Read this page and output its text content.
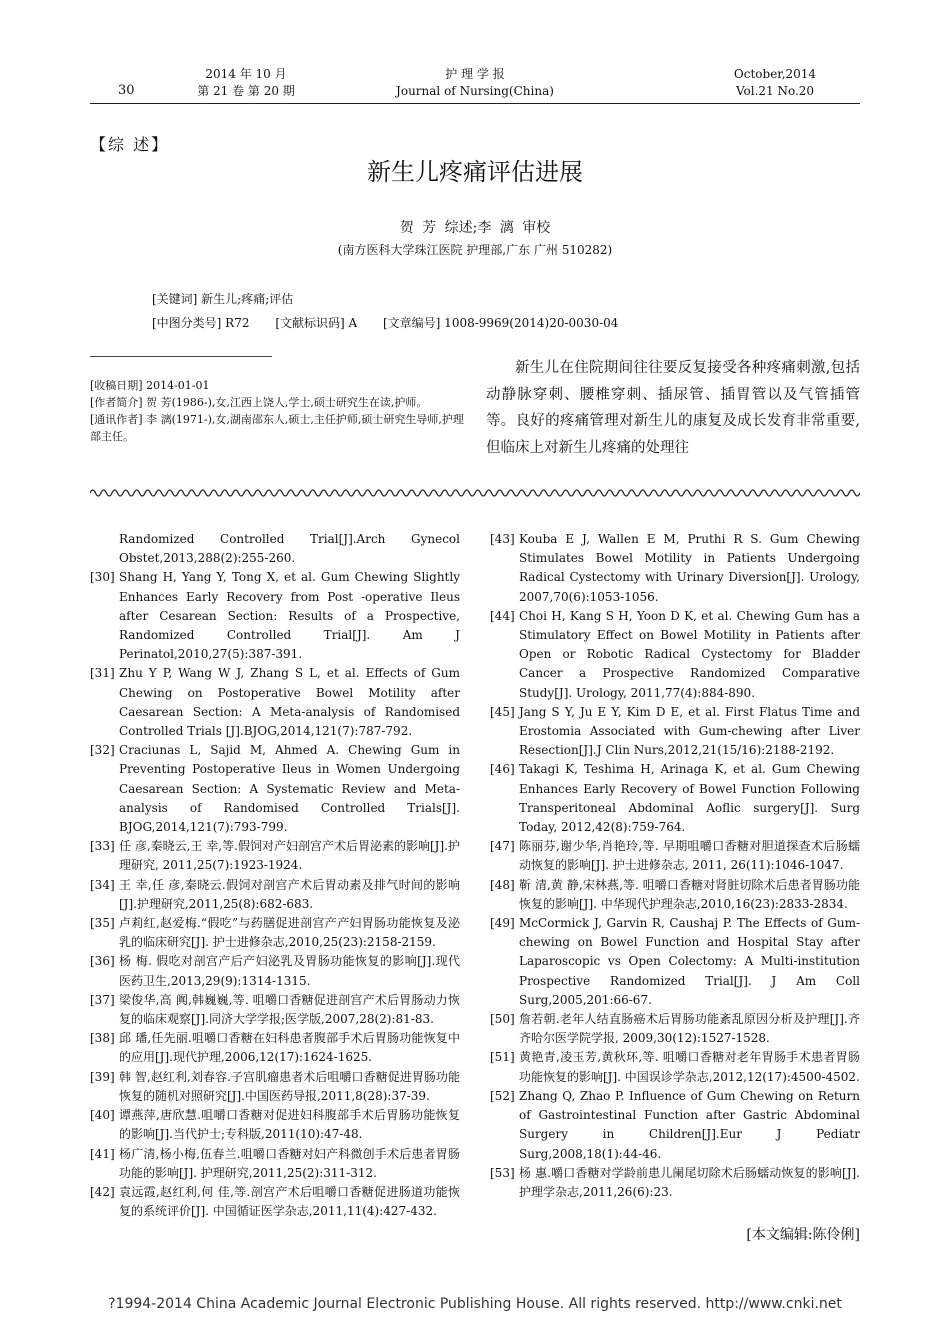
2014 年 10 月
第 21 卷 第 20 期
护 理 学 报
Journal of Nursing(China)
October,2014
Vol.21 No.20
30
【综 述】
新生儿疼痛评估进展
贺 芳 综述;李 漓 审校
(南方医科大学珠江医院 护理部,广东 广州 510282)
[关键词] 新生儿;疼痛;评估
[中图分类号] R72 [文献标识码] A [文章编号] 1008-9969(2014)20-0030-04

[收稿日期] 2014-01-01

[作者简介] 贺 芳(1986-),女,江西上饶人,学士,硕士研究生在读,护师。

[通讯作者] 李 漓(1971-),女,湖南邵东人,硕士,主任护师,硕士研究生导师,护理部主任。

新生儿在住院期间往往要反复接受各种疼痛刺激,包括动静脉穿刺、腰椎穿刺、插尿管、插胃管以及气管插管等。良好的疼痛管理对新生儿的康复及成长发育非常重要,但临床上对新生儿疼痛的处理往

Randomized Controlled Trial[J].Arch Gynecol Obstet,2013,288(2):255-260.

[30] Shang H, Yang Y, Tong X, et al. Gum Chewing Slightly Enhances Early Recovery from Post -operative Ileus after Cesarean Section: Results of a Prospective, Randomized Controlled Trial[J]. Am J Perinatol,2010,27(5):387-391.

[31] Zhu Y P, Wang W J, Zhang S L, et al. Effects of Gum Chewing on Postoperative Bowel Motility after Caesarean Section: A Meta-analysis of Randomised Controlled Trials [J].BJOG,2014,121(7):787-792.

[32] Craciunas L, Sajid M, Ahmed A. Chewing Gum in Preventing Postoperative Ileus in Women Undergoing Caesarean Section: A Systematic Review and Meta-analysis of Randomised Controlled Trials[J]. BJOG,2014,121(7):793-799.

[33] 任 彦,秦晓云,王 幸,等.假饲对产妇剖宫产术后胃泌素的影响[J].护理研究, 2011,25(7):1923-1924.

[34] 王 幸,任 彦,秦晓云.假饲对剖宫产术后胃动素及排气时间的影响[J].护理研究,2011,25(8):682-683.

[35] 卢莉红,赵爱梅.“假吃”与药膳促进剖宫产产妇胃肠功能恢复及泌乳的临床研究[J]. 护士进修杂志,2010,25(23):2158-2159.

[36] 杨 梅. 假吃对剖宫产后产妇泌乳及胃肠功能恢复的影响[J].现代医药卫生,2013,29(9):1314-1315.

[37] 梁俊华,高 阗,韩巍巍,等. 咀嚼口香糖促进剖宫产术后胃肠动力恢复的临床观察[J].同济大学学报;医学版,2007,28(2):81-83.

[38] 邱 璠,任先丽.咀嚼口香糖在妇科患者腹部手术后胃肠功能恢复中的应用[J].现代护理,2006,12(17):1624-1625.

[39] 韩 智,赵红利,刘春容.子宫肌瘤患者术后咀嚼口香糖促进胃肠功能恢复的随机对照研究[J].中国医药导报,2011,8(28):37-39.

[40] 谭燕萍,唐欣慧.咀嚼口香糖对促进妇科腹部手术后胃肠功能恢复的影响[J].当代护士;专科版,2011(10):47-48.

[41] 杨广清,杨小梅,伍春兰.咀嚼口香糖对妇产科微创手术后患者胃肠功能的影响[J]. 护理研究,2011,25(2):311-312.

[42] 袁远霞,赵红利,何 佳,等.剖宫产术后咀嚼口香糖促进肠道功能恢复的系统评价[J]. 中国循证医学杂志,2011,11(4):427-432.

[43] Kouba E J, Wallen E M, Pruthi R S. Gum Chewing Stimulates Bowel Motility in Patients Undergoing Radical Cystectomy with Urinary Diversion[J]. Urology, 2007,70(6):1053-1056.

[44] Choi H, Kang S H, Yoon D K, et al. Chewing Gum has a Stimulatory Effect on Bowel Motility in Patients after Open or Robotic Radical Cystectomy for Bladder Cancer a Prospective Randomized Comparative Study[J]. Urology, 2011,77(4):884-890.

[45] Jang S Y, Ju E Y, Kim D E, et al. First Flatus Time and Erostomia Associated with Gum-chewing after Liver Resection[J].J Clin Nurs,2012,21(15/16):2188-2192.

[46] Takagi K, Teshima H, Arinaga K, et al. Gum Chewing Enhances Early Recovery of Bowel Function Following Transperitoneal Abdominal Aoflic surgery[J]. Surg Today, 2012,42(8):759-764.

[47] 陈丽芬,谢少华,肖艳玲,等. 早期咀嚼口香糖对胆道探查术后肠蠕动恢复的影响[J]. 护士进修杂志, 2011, 26(11):1046-1047.

[48] 靳 清,黄 静,宋林燕,等. 咀嚼口香糖对肾脏切除术后患者胃肠功能恢复的影响[J]. 中华现代护理杂志,2010,16(23):2833-2834.

[49] McCormick J, Garvin R, Caushaj P. The Effects of Gum-chewing on Bowel Function and Hospital Stay after Laparoscopic vs Open Colectomy: A Multi-institution Prospective Randomized Trial[J]. J Am Coll Surg,2005,201:66-67.

[50] 詹若朝.老年人结直肠癌术后胃肠功能紊乱原因分析及护理[J].齐齐哈尔医学院学报, 2009,30(12):1527-1528.

[51] 黄艳青,凌玉芳,黄秋环,等. 咀嚼口香糖对老年胃肠手术患者胃肠功能恢复的影响[J]. 中国误诊学杂志,2012,12(17):4500-4502.

[52] Zhang Q, Zhao P. Influence of Gum Chewing on Return of Gastrointestinal Function after Gastric Abdominal Surgery in Children[J].Eur J Pediatr Surg,2008,18(1):44-46.

[53] 杨 惠.嚼口香糖对学龄前患儿阑尾切除术后肠蠕动恢复的影响[J].护理学杂志,2011,26(6):23.

[本文编辑:陈伶俐]
?1994-2014 China Academic Journal Electronic Publishing House. All rights reserved. http://www.cnki.net
